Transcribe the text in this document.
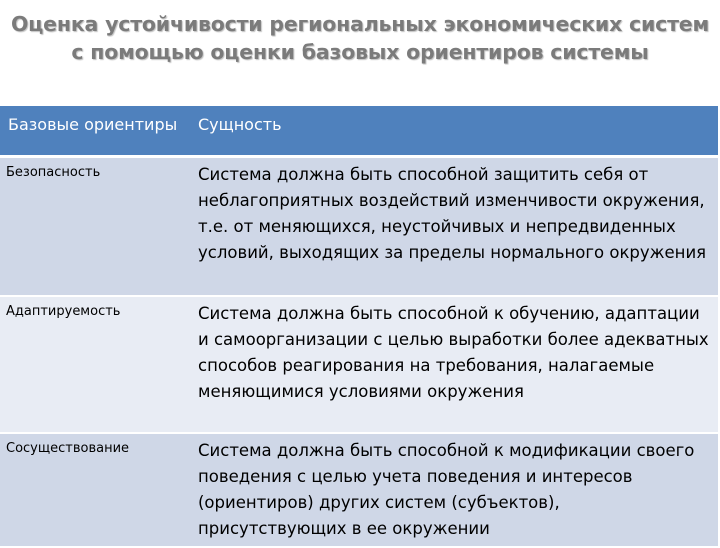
Оценка устойчивости региональных экономических систем
с помощью оценки базовых ориентиров системы
Базовые ориентиры	Сущность
Безопасность	Система должна быть способной защитить себя от неблагоприятных воздействий изменчивости окружения, т.е. от меняющихся, неустойчивых и непредвиденных условий, выходящих за пределы нормального окружения
Адаптируемость	Система должна быть способной к обучению, адаптации и самоорганизации с целью выработки более адекватных способов реагирования на требования, налагаемые меняющимися условиями окружения
Сосуществование	Система должна быть способной к модификации своего поведения с целью учета поведения и интересов (ориентиров) других систем (субъектов), присутствующих в ее окружении
